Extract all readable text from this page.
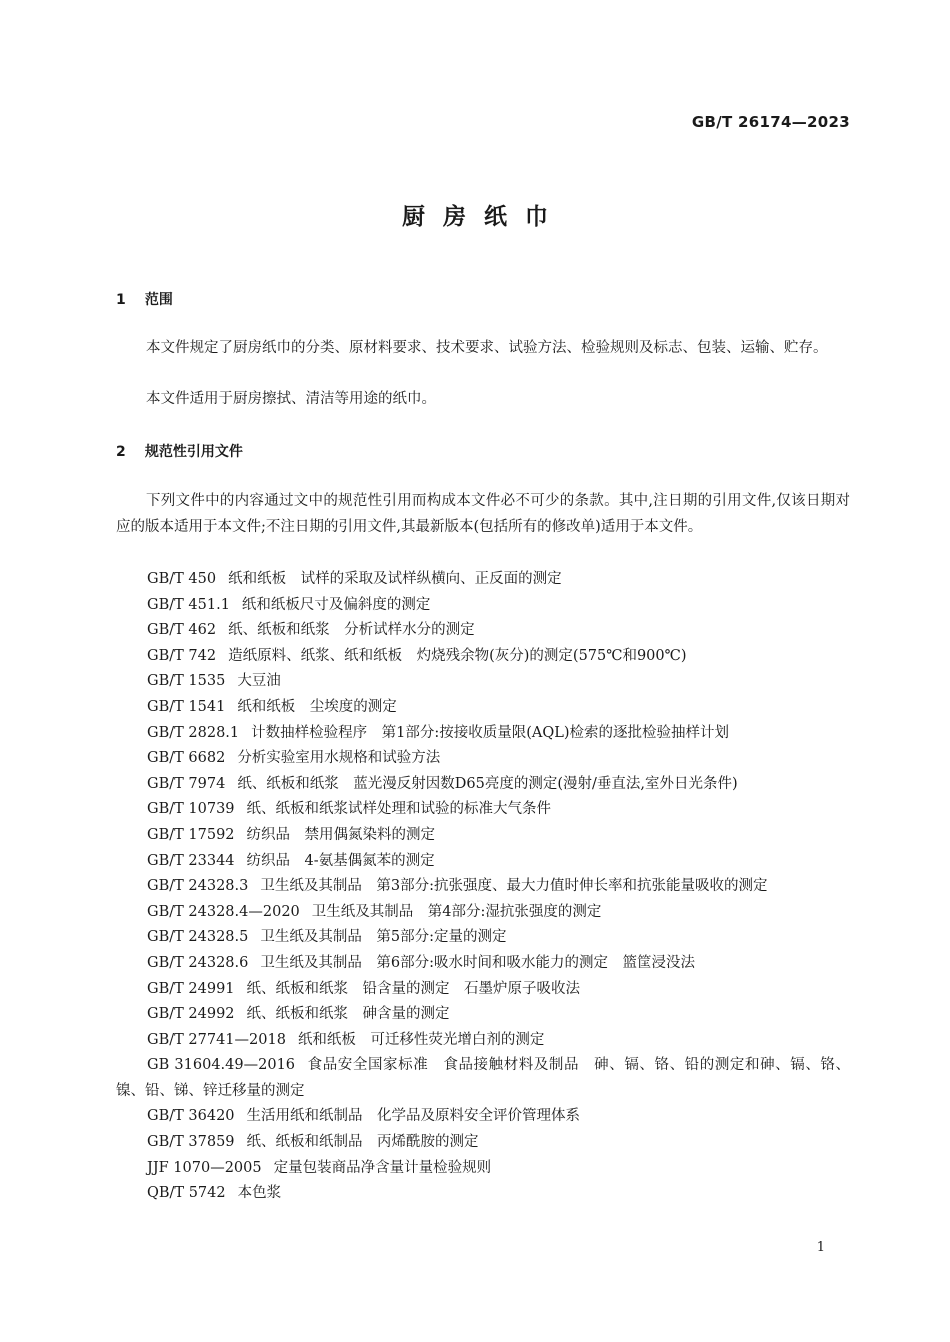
GB/T 26174—2023
厨房纸巾
1 范围
本文件规定了厨房纸巾的分类、原材料要求、技术要求、试验方法、检验规则及标志、包装、运输、贮存。
本文件适用于厨房擦拭、清洁等用途的纸巾。
2 规范性引用文件
下列文件中的内容通过文中的规范性引用而构成本文件必不可少的条款。其中,注日期的引用文件,仅该日期对应的版本适用于本文件;不注日期的引用文件,其最新版本(包括所有的修改单)适用于本文件。
GB/T 450 纸和纸板　试样的采取及试样纵横向、正反面的测定
GB/T 451.1 纸和纸板尺寸及偏斜度的测定
GB/T 462 纸、纸板和纸浆　分析试样水分的测定
GB/T 742 造纸原料、纸浆、纸和纸板　灼烧残余物(灰分)的测定(575℃和900℃)
GB/T 1535 大豆油
GB/T 1541 纸和纸板　尘埃度的测定
GB/T 2828.1 计数抽样检验程序　第1部分:按接收质量限(AQL)检索的逐批检验抽样计划
GB/T 6682 分析实验室用水规格和试验方法
GB/T 7974 纸、纸板和纸浆　蓝光漫反射因数D65亮度的测定(漫射/垂直法,室外日光条件)
GB/T 10739 纸、纸板和纸浆试样处理和试验的标准大气条件
GB/T 17592 纺织品　禁用偶氮染料的测定
GB/T 23344 纺织品　4-氨基偶氮苯的测定
GB/T 24328.3 卫生纸及其制品　第3部分:抗张强度、最大力值时伸长率和抗张能量吸收的测定
GB/T 24328.4—2020 卫生纸及其制品　第4部分:湿抗张强度的测定
GB/T 24328.5 卫生纸及其制品　第5部分:定量的测定
GB/T 24328.6 卫生纸及其制品　第6部分:吸水时间和吸水能力的测定　篮筐浸没法
GB/T 24991 纸、纸板和纸浆　铅含量的测定　石墨炉原子吸收法
GB/T 24992 纸、纸板和纸浆　砷含量的测定
GB/T 27741—2018 纸和纸板　可迁移性荧光增白剂的测定
GB 31604.49—2016 食品安全国家标准　食品接触材料及制品　砷、镉、铬、铅的测定和砷、镉、铬、镍、铅、锑、锌迁移量的测定
GB/T 36420 生活用纸和纸制品　化学品及原料安全评价管理体系
GB/T 37859 纸、纸板和纸制品　丙烯酰胺的测定
JJF 1070—2005 定量包装商品净含量计量检验规则
QB/T 5742 本色浆
1
